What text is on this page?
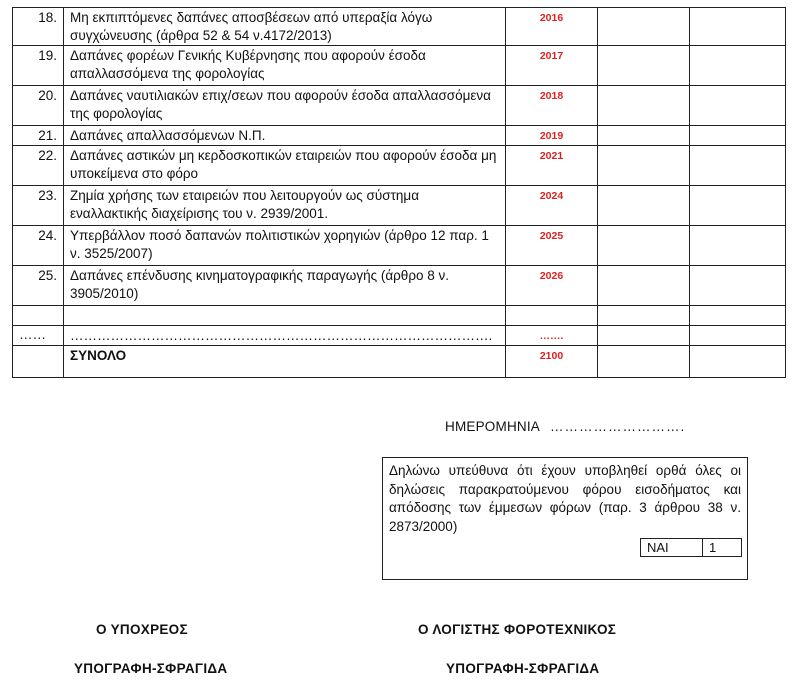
18.	Μη εκπιπτόμενες δαπάνες αποσβέσεων από υπεραξία λόγω συγχώνευσης (άρθρα 52 & 54 ν.4172/2013)	2016		

19.	Δαπάνες φορέων Γενικής Κυβέρνησης που αφορούν έσοδα απαλλασσόμενα της φορολογίας	2017		

20.	Δαπάνες ναυτιλιακών επιχ/σεων που αφορούν έσοδα απαλλασσόμενα της φορολογίας	2018		

21.	Δαπάνες απαλλασσόμενων Ν.Π.	2019		

22.	Δαπάνες αστικών μη κερδοσκοπικών εταιρειών που αφορούν έσοδα μη υποκείμενα στο φόρο	2021		

23.	Ζημία χρήσης των εταιρειών που λειτουργούν ως σύστημα εναλλακτικής διαχείρισης του ν. 2939/2001.	2024		

24.	Υπερβάλλον ποσό δαπανών πολιτιστικών χορηγιών (άρθρο 12 παρ. 1 ν. 3525/2007)	2025		

25.	Δαπάνες επένδυσης κινηματογραφικής παραγωγής (άρθρο 8 ν. 3905/2010)	2026		

……	………………………………………………………………………………….	…….		

	ΣΥΝΟΛΟ	2100		

ΗΜΕΡΟΜΗΝΙΑ ……………………….
Δηλώνω υπεύθυνα ότι έχουν υποβληθεί ορθά όλες οι δηλώσεις παρακρατούμενου φόρου εισοδήματος και απόδοσης των έμμεσων φόρων (παρ. 3 άρθρου 38 ν. 2873/2000)
ΝΑΙ	1
Ο ΥΠΟΧΡΕΟΣ	Ο ΛΟΓΙΣΤΗΣ ΦΟΡΟΤΕΧΝΙΚΟΣ
ΥΠΟΓΡΑΦΗ-ΣΦΡΑΓΙΔΑ	ΥΠΟΓΡΑΦΗ-ΣΦΡΑΓΙΔΑ
